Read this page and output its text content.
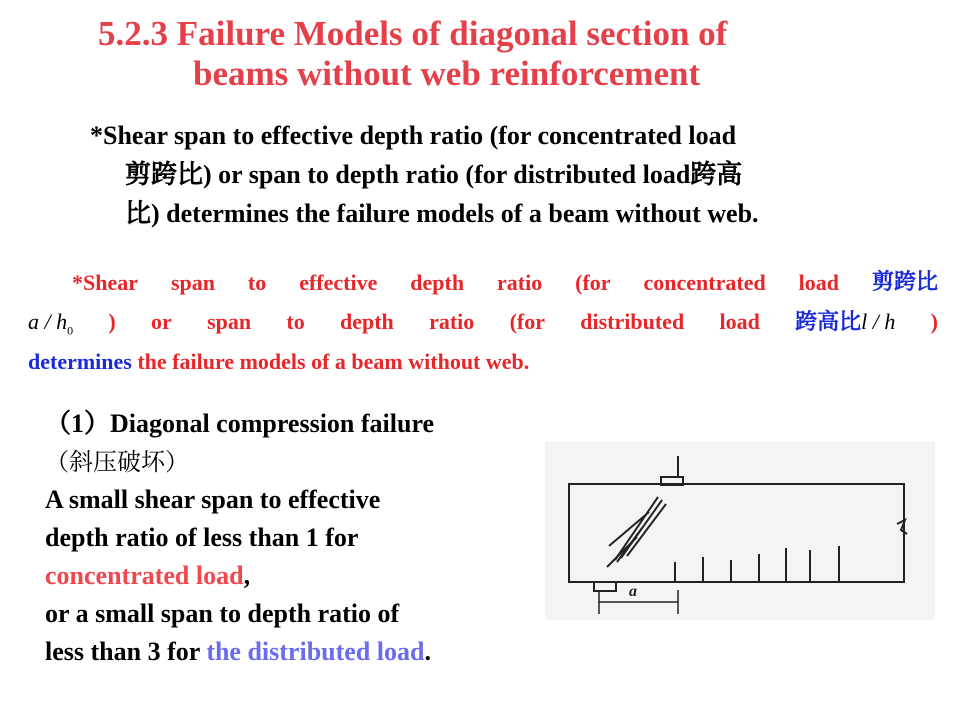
5.2.3 Failure Models of diagonal section of
beams without web reinforcement
*Shear span to effective depth ratio (for concentrated load
剪跨比) or span to depth ratio (for distributed load跨高
比) determines the failure models of a beam without web.
*Shear span to effective depth ratio (for concentrated load 剪跨比
a / $h_0$ ) or span to depth ratio (for distributed load 跨高比l / h )
determines the failure models of a beam without web.
（1）Diagonal compression failure
（斜压破坏）
A small shear span to effective
depth ratio of less than 1 for
concentrated load,
or a small span to depth ratio of
less than 3 for the distributed load.
a
